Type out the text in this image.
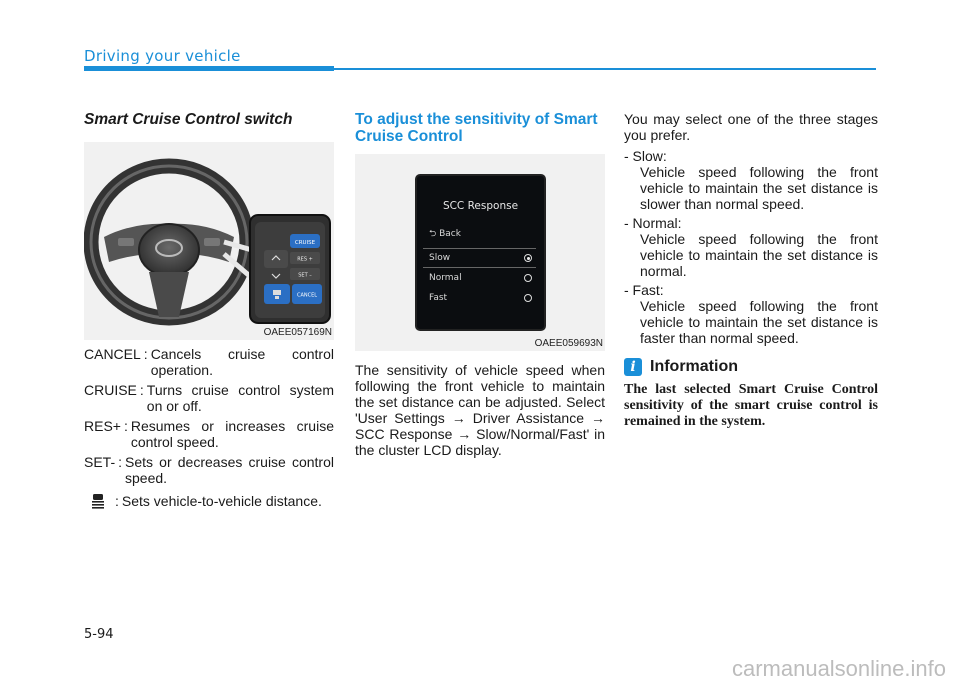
Driving your vehicle
Smart Cruise Control switch
CRUISE
RES +
SET –
CANCEL
OAEE057169N
CANCEL : Cancels cruise control operation.
CRUISE : Turns cruise control system on or off.
RES+ : Resumes or increases cruise control speed.
SET- : Sets or decreases cruise control speed.
: Sets vehicle-to-vehicle distance.
To adjust the sensitivity of Smart Cruise Control
SCC Response
⮌ Back
Slow
Normal
Fast
OAEE059693N
The sensitivity of vehicle speed when following the front vehicle to maintain the set distance can be adjusted. Select 'User Settings → Driver Assistance → SCC Response → Slow/Normal/Fast' in the cluster LCD display.
You may select one of the three stages you prefer.
- Slow:
Vehicle speed following the front vehicle to maintain the set distance is slower than normal speed.
- Normal:
Vehicle speed following the front vehicle to maintain the set distance is normal.
- Fast:
Vehicle speed following the front vehicle to maintain the set distance is faster than normal speed.
i Information
The last selected Smart Cruise Control sensitivity of the smart cruise control is remained in the system.
5-94
carmanualsonline.info
